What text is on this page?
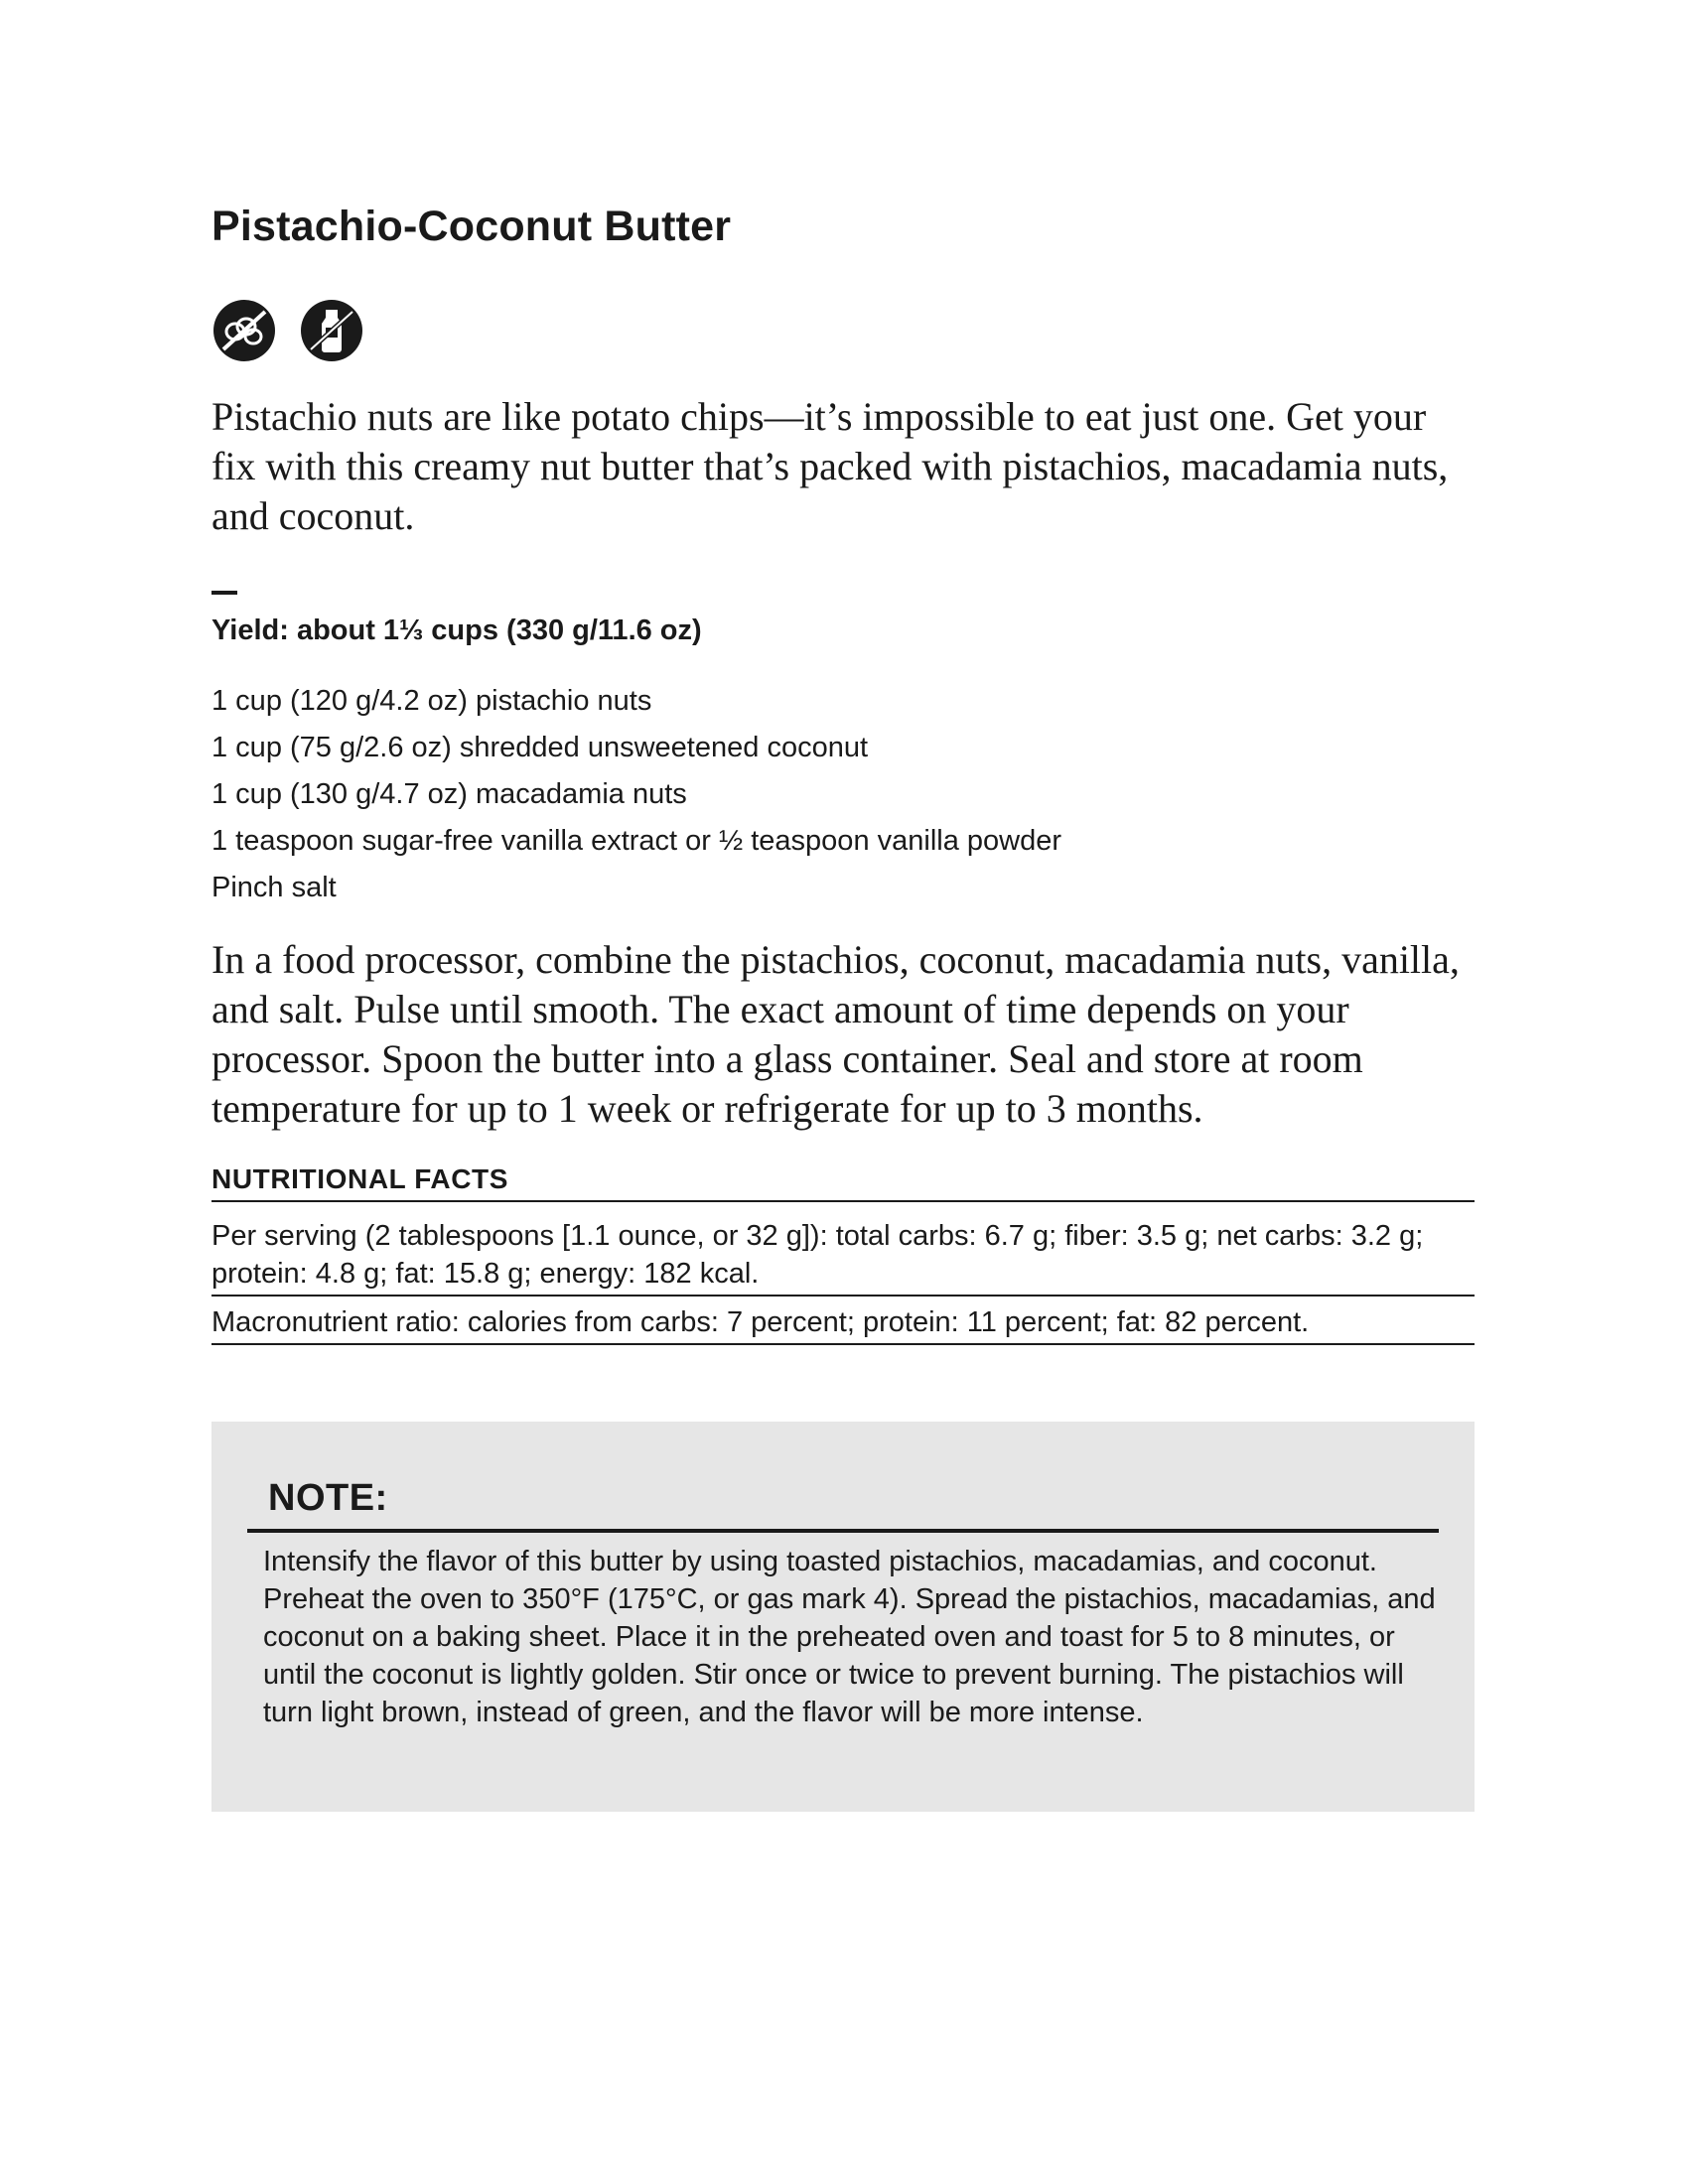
Pistachio-Coconut Butter

Pistachio nuts are like potato chips—it’s impossible to eat just one. Get your fix with this creamy nut butter that’s packed with pistachios, macadamia nuts, and coconut.

Yield: about 1⅓ cups (330 g/11.6 oz)

1 cup (120 g/4.2 oz) pistachio nuts
1 cup (75 g/2.6 oz) shredded unsweetened coconut
1 cup (130 g/4.7 oz) macadamia nuts
1 teaspoon sugar-free vanilla extract or ½ teaspoon vanilla powder
Pinch salt

In a food processor, combine the pistachios, coconut, macadamia nuts, vanilla, and salt. Pulse until smooth. The exact amount of time depends on your processor. Spoon the butter into a glass container. Seal and store at room temperature for up to 1 week or refrigerate for up to 3 months.

NUTRITIONAL FACTS
Per serving (2 tablespoons [1.1 ounce, or 32 g]): total carbs: 6.7 g; fiber: 3.5 g; net carbs: 3.2 g; protein: 4.8 g; fat: 15.8 g; energy: 182 kcal.
Macronutrient ratio: calories from carbs: 7 percent; protein: 11 percent; fat: 82 percent.
NOTE:

Intensify the flavor of this butter by using toasted pistachios, macadamias, and coconut. Preheat the oven to 350°F (175°C, or gas mark 4). Spread the pistachios, macadamias, and coconut on a baking sheet. Place it in the preheated oven and toast for 5 to 8 minutes, or until the coconut is lightly golden. Stir once or twice to prevent burning. The pistachios will turn light brown, instead of green, and the flavor will be more intense.
